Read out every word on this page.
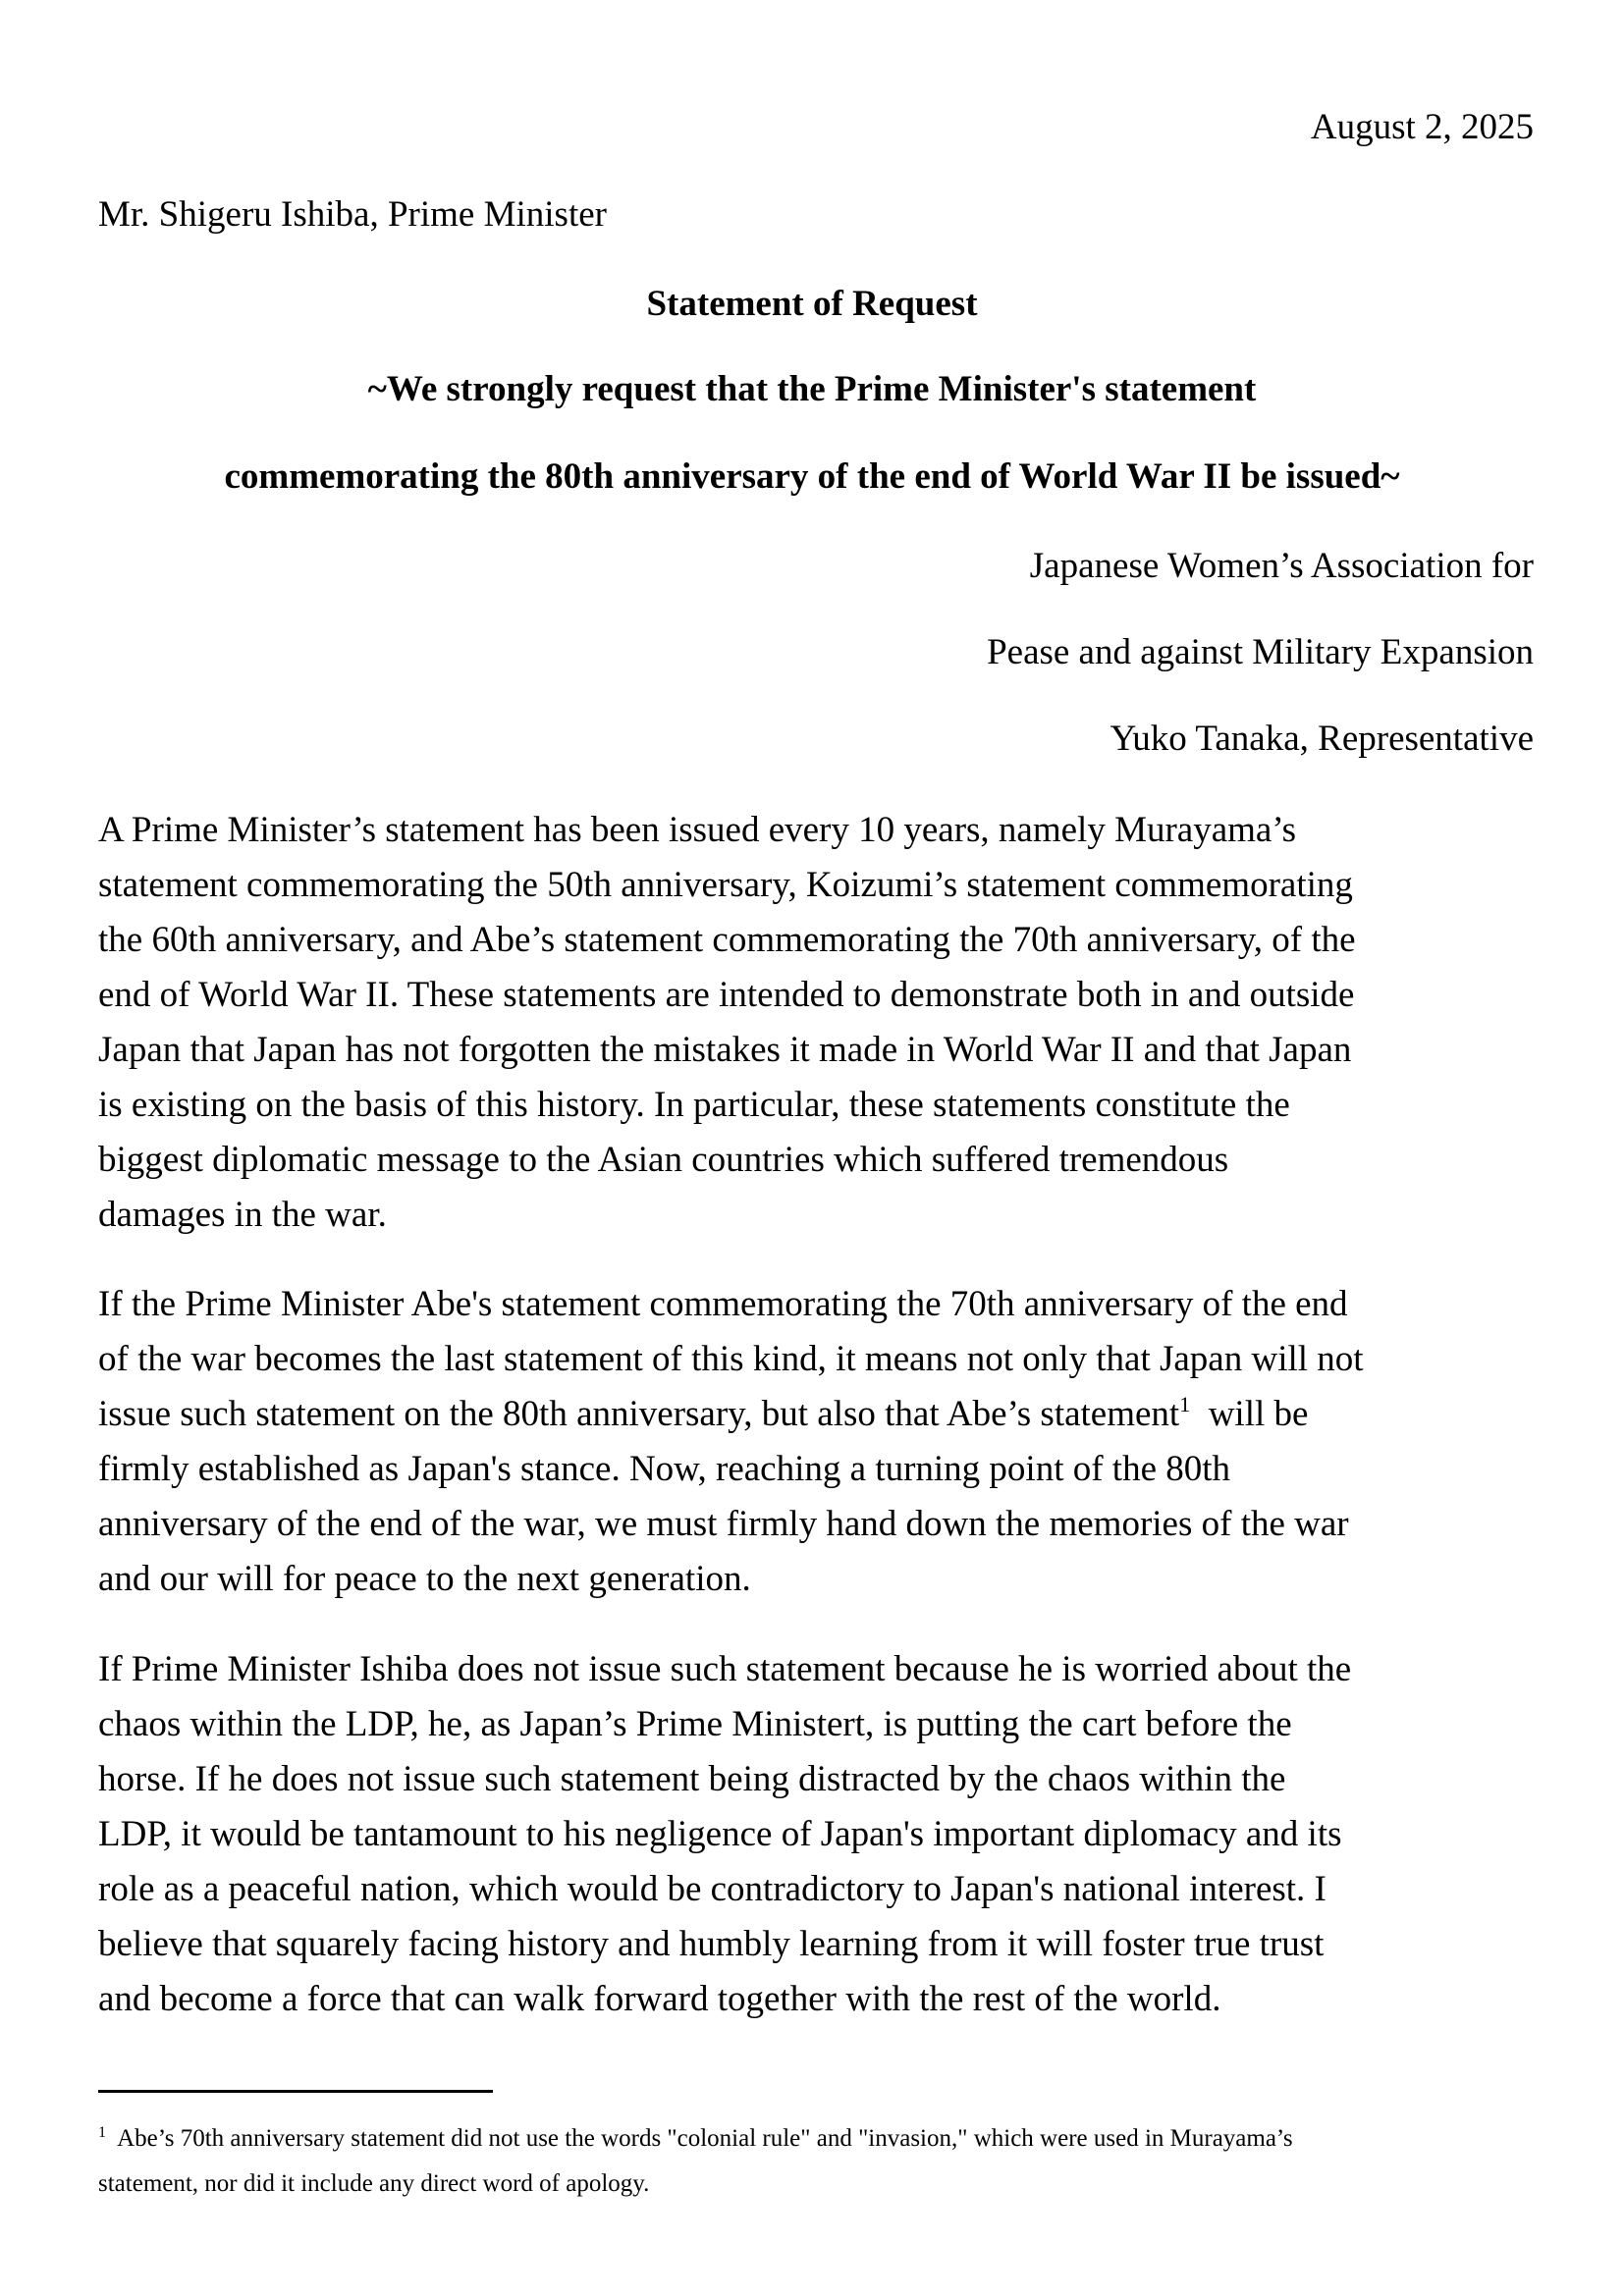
August 2, 2025
Mr. Shigeru Ishiba, Prime Minister
Statement of Request
~We strongly request that the Prime Minister's statement
commemorating the 80th anniversary of the end of World War II be issued~
Japanese Women’s Association for
Pease and against Military Expansion
Yuko Tanaka, Representative
A Prime Minister’s statement has been issued every 10 years, namely Murayama’s
statement commemorating the 50th anniversary, Koizumi’s statement commemorating
the 60th anniversary, and Abe’s statement commemorating the 70th anniversary, of the
end of World War II. These statements are intended to demonstrate both in and outside
Japan that Japan has not forgotten the mistakes it made in World War II and that Japan
is existing on the basis of this history. In particular, these statements constitute the
biggest diplomatic message to the Asian countries which suffered tremendous
damages in the war.
If the Prime Minister Abe's statement commemorating the 70th anniversary of the end
of the war becomes the last statement of this kind, it means not only that Japan will not
issue such statement on the 80th anniversary, but also that Abe’s statement$^1$  will be
firmly established as Japan's stance. Now, reaching a turning point of the 80th
anniversary of the end of the war, we must firmly hand down the memories of the war
and our will for peace to the next generation.
If Prime Minister Ishiba does not issue such statement because he is worried about the
chaos within the LDP, he, as Japan’s Prime Ministert, is putting the cart before the
horse. If he does not issue such statement being distracted by the chaos within the
LDP, it would be tantamount to his negligence of Japan's important diplomacy and its
role as a peaceful nation, which would be contradictory to Japan's national interest. I
believe that squarely facing history and humbly learning from it will foster true trust
and become a force that can walk forward together with the rest of the world.
$^1$  Abe’s 70th anniversary statement did not use the words "colonial rule" and "invasion," which were used in Murayama’s
statement, nor did it include any direct word of apology.
